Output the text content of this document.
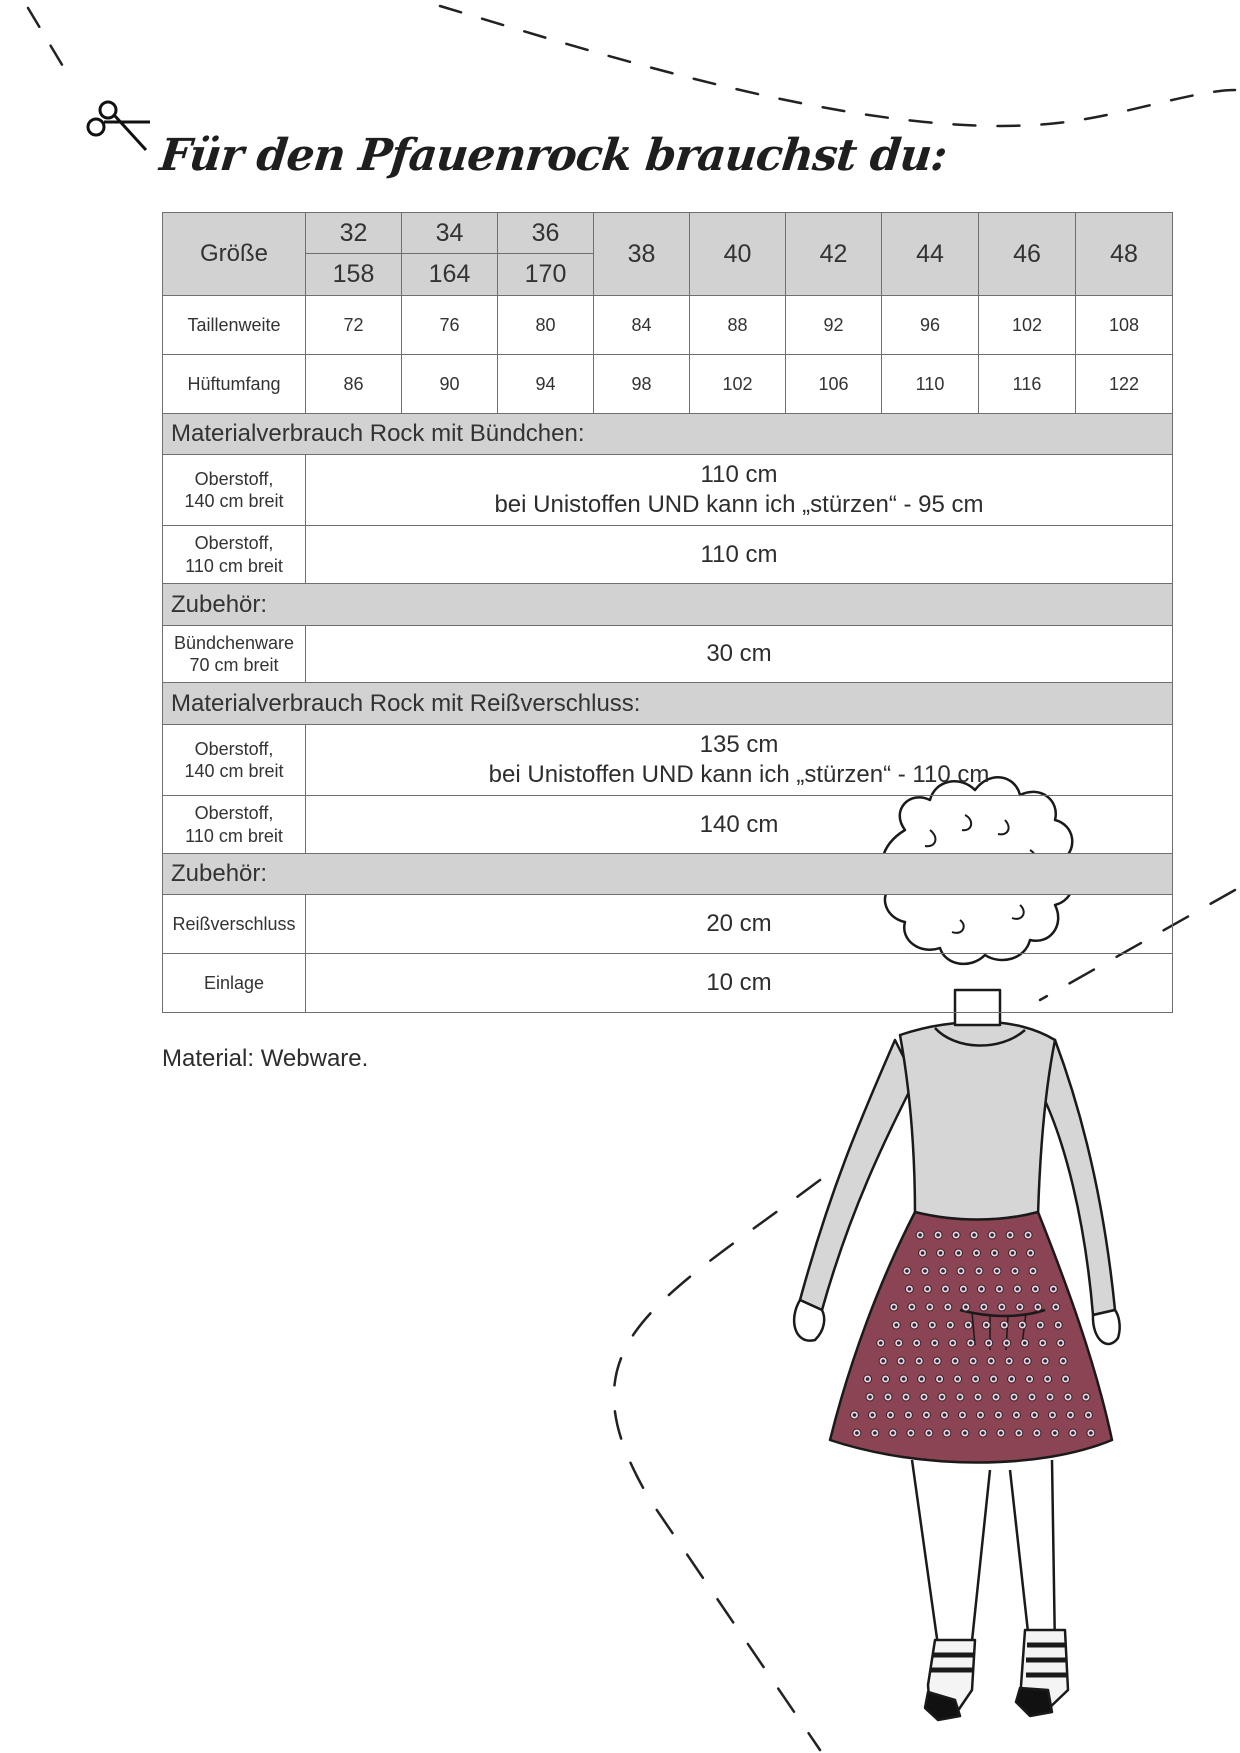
Für den Pfauenrock brauchst du:
Größe	32	34	36	38	40	42	44	46	48
	158	164	170						
Taillenweite	72	76	80	84	88	92	96	102	108
Hüftumfang	86	90	94	98	102	106	110	116	122
Materialverbrauch Rock mit Bündchen:									

Oberstoff,
140 cm breit	110 cm
bei Unistoffen UND kann ich „stürzen“ - 95 cm								

Oberstoff,
110 cm breit	110 cm								
Zubehör:									

Bündchenware
70 cm breit	30 cm								
Materialverbrauch Rock mit Reißverschluss:									

Oberstoff,
140 cm breit	135 cm
bei Unistoffen UND kann ich „stürzen“ - 110 cm								

Oberstoff,
110 cm breit	140 cm								
Zubehör:									
Reißverschluss	20 cm								
Einlage	10 cm								
Material: Webware.
